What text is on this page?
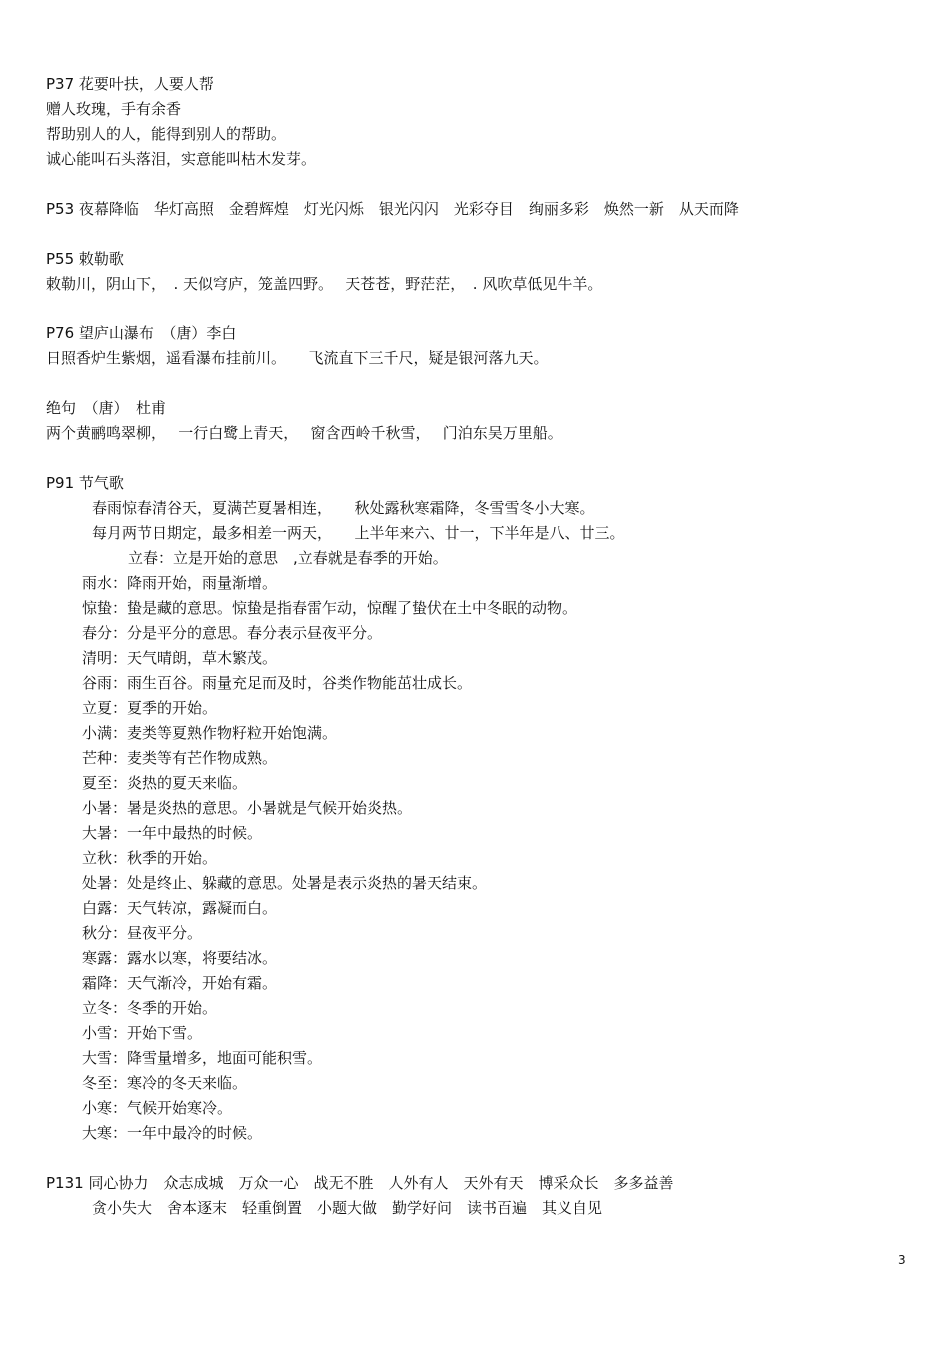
P37 花要叶扶，人要人帮
赠人玫瑰，手有余香
帮助别人的人，能得到别人的帮助。
诚心能叫石头落泪，实意能叫枯木发芽。
P53 夜幕降临　华灯高照　金碧辉煌　灯光闪烁　银光闪闪　光彩夺目　绚丽多彩　焕然一新　从天而降
P55 敕勒歌
敕勒川，阴山下，　. 天似穹庐，笼盖四野。　 天苍苍，野茫茫，　. 风吹草低见牛羊。
P76 望庐山瀑布　（唐）李白
日照香炉生紫烟，遥看瀑布挂前川。　　飞流直下三千尺，疑是银河落九天。
绝句　（唐）　杜甫
两个黄鹂鸣翠柳，　 一行白鹭上青天，　 窗含西岭千秋雪，　 门泊东吴万里船。
P91 节气歌
春雨惊春清谷天，夏满芒夏暑相连，　　秋处露秋寒霜降，冬雪雪冬小大寒。
每月两节日期定，最多相差一两天，　　上半年来六、廿一，下半年是八、廿三。
立春：立是开始的意思　,立春就是春季的开始。
雨水：降雨开始，雨量渐增。
惊蛰：蛰是藏的意思。惊蛰是指春雷乍动，惊醒了蛰伏在土中冬眠的动物。
春分：分是平分的意思。春分表示昼夜平分。
清明：天气晴朗，草木繁茂。
谷雨：雨生百谷。雨量充足而及时，谷类作物能茁壮成长。
立夏：夏季的开始。
小满：麦类等夏熟作物籽粒开始饱满。
芒种：麦类等有芒作物成熟。
夏至：炎热的夏天来临。
小暑：暑是炎热的意思。小暑就是气候开始炎热。
大暑：一年中最热的时候。
立秋：秋季的开始。
处暑：处是终止、躲藏的意思。处暑是表示炎热的暑天结束。
白露：天气转凉，露凝而白。
秋分：昼夜平分。
寒露：露水以寒，将要结冰。
霜降：天气渐冷，开始有霜。
立冬：冬季的开始。
小雪：开始下雪。
大雪：降雪量增多，地面可能积雪。
冬至：寒冷的冬天来临。
小寒：气候开始寒冷。
大寒：一年中最冷的时候。
P131 同心协力　众志成城　万众一心　战无不胜　人外有人　天外有天　博采众长　多多益善
贪小失大　舍本逐末　轻重倒置　小题大做　勤学好问　读书百遍　其义自见
3
